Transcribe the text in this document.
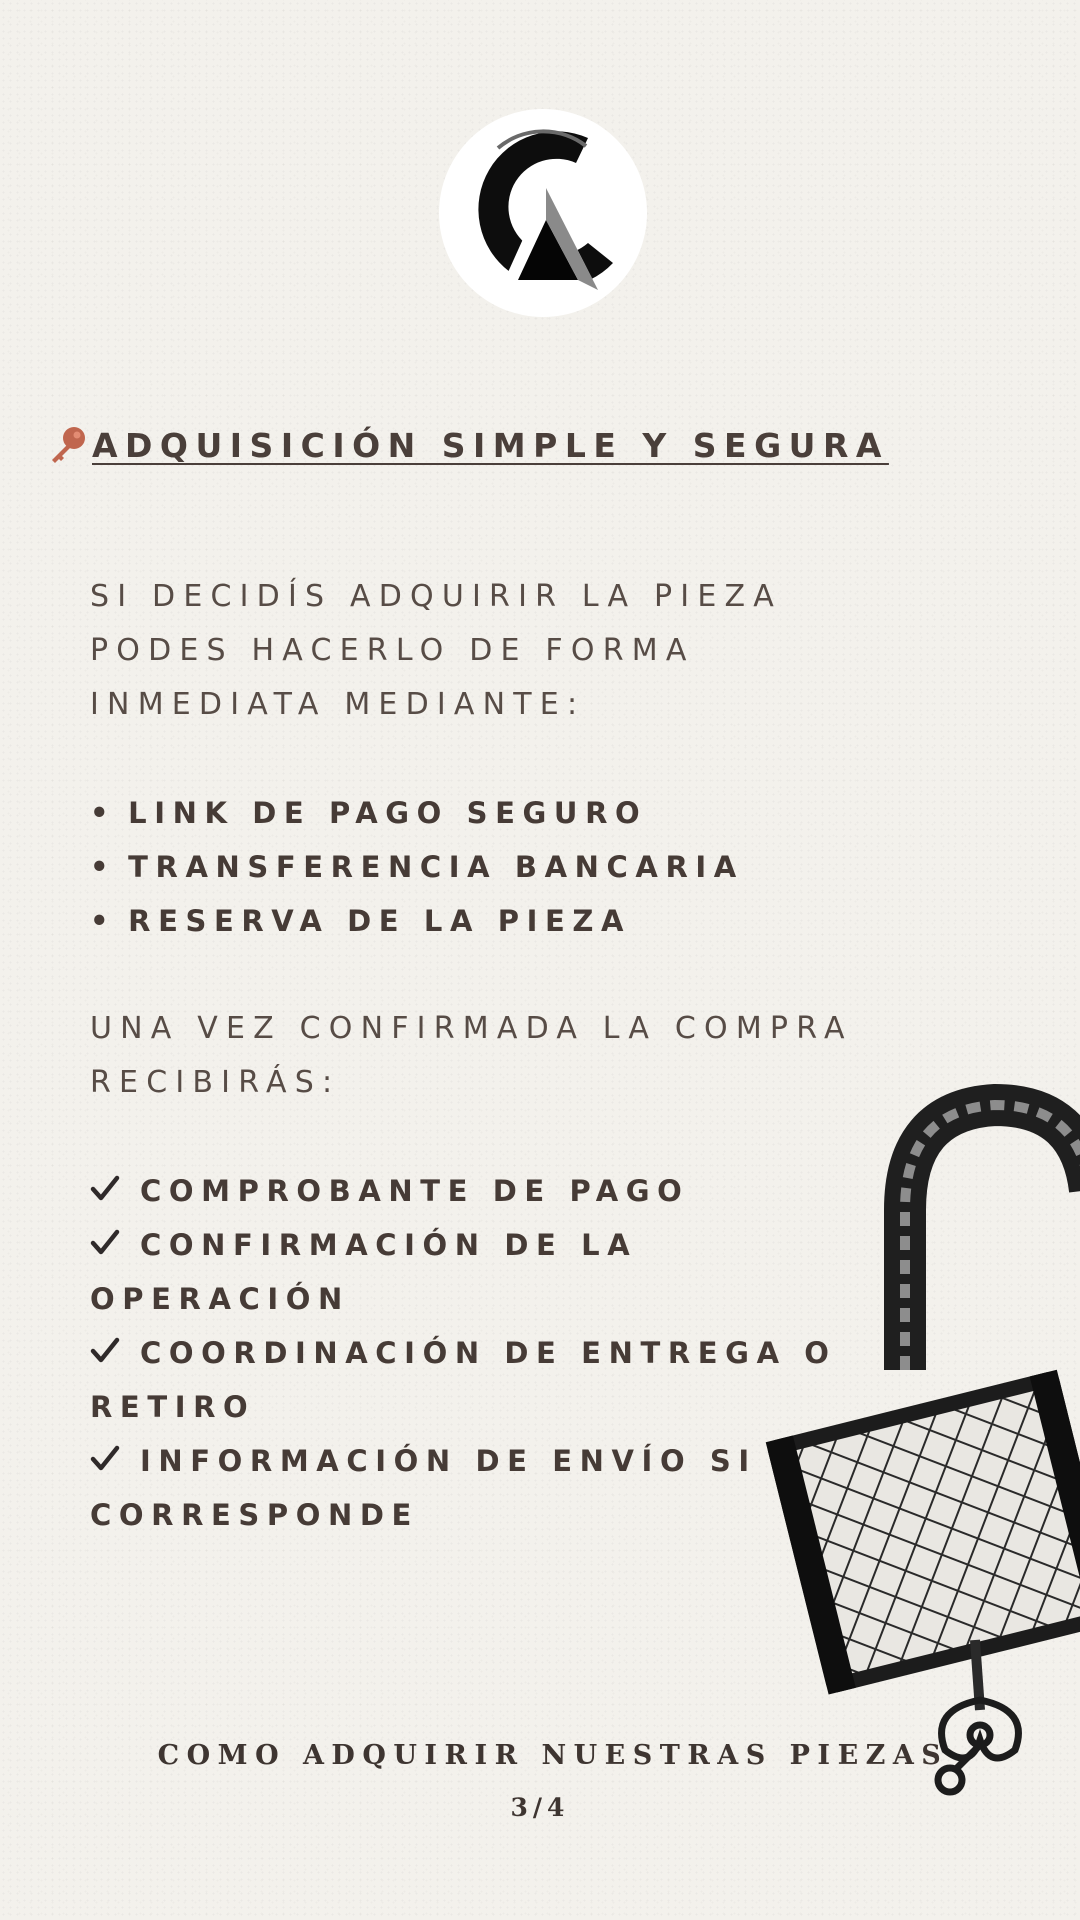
ADQUISICIÓN SIMPLE Y SEGURA
SI DECIDÍS ADQUIRIR LA PIEZA PODES HACERLO DE FORMA INMEDIATA MEDIANTE:
• LINK DE PAGO SEGURO
• TRANSFERENCIA BANCARIA
• RESERVA DE LA PIEZA
UNA VEZ CONFIRMADA LA COMPRA RECIBIRÁS:
COMPROBANTE DE PAGO
CONFIRMACIÓN DE LA OPERACIÓN
COORDINACIÓN DE ENTREGA O RETIRO
INFORMACIÓN DE ENVÍO SI CORRESPONDE
COMO ADQUIRIR NUESTRAS PIEZAS
3/4
